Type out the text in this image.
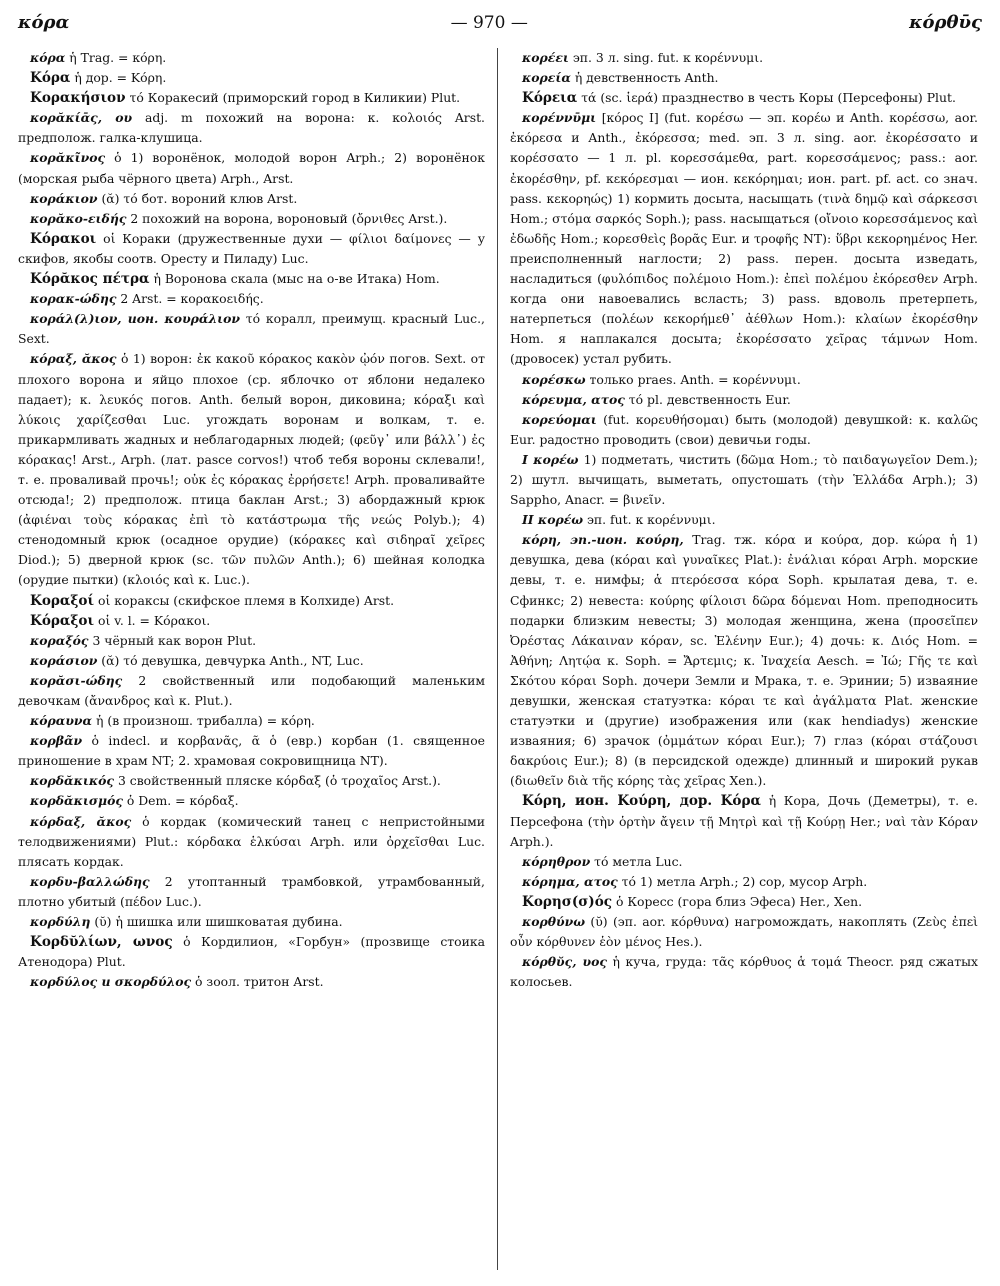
κόρα	— 970 —	κόρθῡς

κόρα ἡ Trag. = κόρη.

Κόρα ἡ дор. = Κόρη.

Κορακήσιον τό Коракесий (приморский город в Киликии) Plut.

κορᾰκίᾱς, ου adj. m похожий на ворона: κ. κολοιός Arst. предполож. галка-клушица.

κορᾰκῖνος ὁ 1) воронёнок, молодой ворон Arph.; 2) воронёнок (морская рыба чёрного цвета) Arph., Arst.

κοράκιον (ᾰ) τό бот. вороний клюв Arst.

κορᾰκο-ειδής 2 похожий на ворона, вороновый (ὄρνιθες Arst.).

Κόρακοι οἱ Кораки (дружественные духи — φίλιοι δαίμονες — у скифов, якобы соотв. Оресту и Пиладу) Luc.

Κόρᾰκος πέτρα ἡ Воронова скала (мыс на о-ве Итака) Hom.

κορακ-ώδης 2 Arst. = κορακοειδής.

κοράλ(λ)ιον, ион. κουράλιον τό коралл, преимущ. красный Luc., Sext.

κόραξ, ᾰκος ὁ 1) ворон: ἐκ κακοῦ κόρακος κακὸν ᾠόν погов. Sext. от плохого ворона и яйцо плохое (ср. яблочко от яблони недалеко падает); κ. λευκός погов. Anth. белый ворон, диковина; κόραξι καὶ λύκοις χαρίζεσθαι Luc. угождать воронам и волкам, т. е. прикармливать жадных и неблагодарных людей; (φεῦγ᾽ или βάλλ᾽) ἐς κόρακας! Arst., Arph. (лат. pasce corvos!) чтоб тебя вороны склевали!, т. е. проваливай прочь!; οὐκ ἐς κόρακας ἐρρήσετε! Arph. проваливайте отсюда!; 2) предполож. птица баклан Arst.; 3) абордажный крюк (ἀφιέναι τοὺς κόρακας ἐπὶ τὸ κατάστρωμα τῆς νεώς Polyb.); 4) стенодомный крюк (осадное орудие) (κόρακες καὶ σιδηραῖ χεῖρες Diod.); 5) дверной крюк (sc. τῶν πυλῶν Anth.); 6) шейная колодка (орудие пытки) (κλοιός καὶ κ. Luc.).

Κοραξοί οἱ кораксы (скифское племя в Колхиде) Arst.

Κόραξοι οἱ v. l. = Κόρακοι.

κοραξός 3 чёрный как ворон Plut.

κοράσιον (ᾰ) τό девушка, девчурка Anth., NT, Luc.

κορᾰσι-ώδης 2 свойственный или подобающий маленьким девочкам (ἄνανδρος καὶ κ. Plut.).

κόραυνα ἡ (в произнош. трибалла) = κόρη.

κορβᾶν ὁ indecl. и κορβανᾶς, ᾶ ὁ (евр.) корбан (1. священное приношение в храм NT; 2. храмовая сокровищница NT).

κορδᾰκικός 3 свойственный пляске κόρδαξ (ὁ τροχαῖος Arst.).

κορδᾰκισμός ὁ Dem. = κόρδαξ.

κόρδαξ, ᾰκος ὁ кордак (комический танец с непристойными телодвижениями) Plut.: κόρδακα ἑλκύσαι Arph. или ὀρχεῖσθαι Luc. плясать кордак.

κορδυ-βαλλώδης 2 утоптанный трамбовкой, утрамбованный, плотно убитый (πέδον Luc.).

κορδύλη (ῠ) ἡ шишка или шишковатая дубина.

Κορδῠλίων, ωνος ὁ Кордилион, «Горбун» (прозвище стоика Атенодора) Plut.

κορδύλος и σκορδύλος ὁ зоол. тритон Arst.

κορέει эп. 3 л. sing. fut. к κορέννυμι.

κορεία ἡ девственность Anth.

Κόρεια τά (sc. ἱερά) празднество в честь Коры (Персефоны) Plut.

κορέννῡμι [κόρος I] (fut. κορέσω — эп. κορέω и Anth. κορέσσω, aor. ἐκόρεσα и Anth., ἐκόρεσσα; med. эп. 3 л. sing. aor. ἐκορέσσατο и κορέσσατο — 1 л. pl. κορεσσάμεθα, part. κορεσσάμενος; pass.: aor. ἐκορέσθην, pf. κεκόρεσμαι — ион. κεκόρημαι; ион. part. pf. act. со знач. pass. κεκορηώς) 1) кормить досыта, насыщать (τινὰ δημῷ καὶ σάρκεσσι Hom.; στόμα σαρκός Soph.); pass. насыщаться (οἴνοιο κορεσσάμενος καὶ ἐδωδῆς Hom.; κορεσθεὶς βορᾶς Eur. и τροφῆς NT): ὕβρι κεκορημένος Her. преисполненный наглости; 2) pass. перен. досыта изведать, насладиться (φυλόπιδος πολέμοιο Hom.): ἐπεὶ πολέμου ἐκόρεσθεν Arph. когда они навоевались всласть; 3) pass. вдоволь претерпеть, натерпеться (πολέων κεκορήμεθ᾽ ἀέθλων Hom.): κλαίων ἐκορέσθην Hom. я наплакался досыта; ἐκορέσσατο χεῖρας τάμνων Hom. (дровосек) устал рубить.

κορέσκω только praes. Anth. = κορέννυμι.

κόρευμα, ατος τό pl. девственность Eur.

κορεύομαι (fut. κορευθήσομαι) быть (молодой) девушкой: κ. καλῶς Eur. радостно проводить (свои) девичьи годы.

I κορέω 1) подметать, чистить (δῶμα Hom.; τὸ παιδαγωγεῖον Dem.); 2) шутл. вычищать, выметать, опустошать (τὴν Ἑλλάδα Arph.); 3) Sappho, Anacr. = βινεῖν.

II κορέω эп. fut. к κορέννυμι.

κόρη, эп.-ион. κούρη, Trag. тж. κόρα и κούρα, дор. κώρα ἡ 1) девушка, дева (κόραι καὶ γυναῖκες Plat.): ἐνάλιαι κόραι Arph. морские девы, т. е. нимфы; ἁ πτερόεσσα κόρα Soph. крылатая дева, т. е. Сфинкс; 2) невеста: κούρης φίλοισι δῶρα δόμεναι Hom. преподносить подарки близким невесты; 3) молодая женщина, жена (προσεῖπεν Ὀρέστας Λάκαιναν κόραν, sc. Ἑλένην Eur.); 4) дочь: κ. Διός Hom. = Ἀθήνη; Λητῴα κ. Soph. = Ἄρτεμις; κ. Ἰναχεία Aesch. = Ἰώ; Γῆς τε καὶ Σκότου κόραι Soph. дочери Земли и Мрака, т. е. Эринии; 5) изваяние девушки, женская статуэтка: κόραι τε καὶ ἀγάλματα Plat. женские статуэтки и (другие) изображения или (как hendiadys) женские изваяния; 6) зрачок (ὀμμάτων κόραι Eur.); 7) глаз (κόραι στάζουσι δακρύοις Eur.); 8) (в персидской одежде) длинный и широкий рукав (διωθεῖν διὰ τῆς κόρης τὰς χεῖρας Xen.).

Κόρη, ион. Κούρη, дор. Κόρα ἡ Кора, Дочь (Деметры), т. е. Персефона (τὴν ὁρτὴν ἄγειν τῇ Μητρὶ καὶ τῇ Κούρῃ Her.; ναὶ τὰν Κόραν Arph.).

κόρηθρον τό метла Luc.

κόρημα, ατος τό 1) метла Arph.; 2) сор, мусор Arph.

Κορησ(σ)ός ὁ Коресс (гора близ Эфеса) Her., Xen.

κορθύνω (ῠ) (эп. aor. κόρθυνα) нагромождать, накоплять (Ζεὺς ἐπεὶ οὖν κόρθυνεν ἑὸν μένος Hes.).

κόρθῠς, υος ἡ куча, груда: τᾶς κόρθυος ἁ τομά Theocr. ряд сжатых колосьев.
